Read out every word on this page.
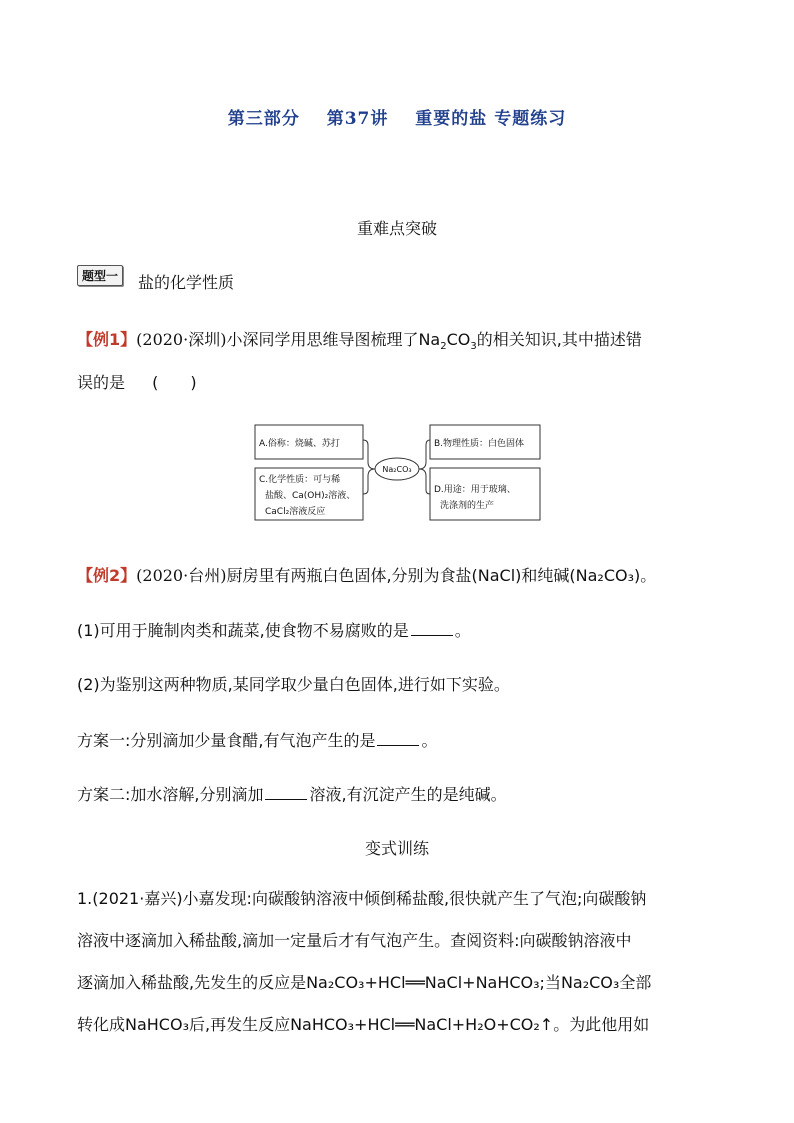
第三部分 第37讲 重要的盐 专题练习
重难点突破
题型一	盐的化学性质
【例1】(2020·深圳)小深同学用思维导图梳理了$Na_2CO_3$的相关知识,其中描述错
误的是 (　　)
A.俗称：烧碱、苏打
C.化学性质：可与稀
盐酸、Ca(OH)₂溶液、
CaCl₂溶液反应
B.物理性质：白色固体
D.用途：用于玻璃、
洗涤剂的生产
Na₂CO₃
【例2】(2020·台州)厨房里有两瓶白色固体,分别为食盐(NaCl)和纯碱(Na₂CO₃)。
(1)可用于腌制肉类和蔬菜,使食物不易腐败的是	。
(2)为鉴别这两种物质,某同学取少量白色固体,进行如下实验。
方案一:分别滴加少量食醋,有气泡产生的是	。
方案二:加水溶解,分别滴加	溶液,有沉淀产生的是纯碱。
变式训练
1.(2021·嘉兴)小嘉发现:向碳酸钠溶液中倾倒稀盐酸,很快就产生了气泡;向碳酸钠
溶液中逐滴加入稀盐酸,滴加一定量后才有气泡产生。查阅资料:向碳酸钠溶液中
逐滴加入稀盐酸,先发生的反应是Na₂CO₃+HCl══NaCl+NaHCO₃;当Na₂CO₃全部
转化成NaHCO₃后,再发生反应NaHCO₃+HCl══NaCl+H₂O+CO₂↑。为此他用如
